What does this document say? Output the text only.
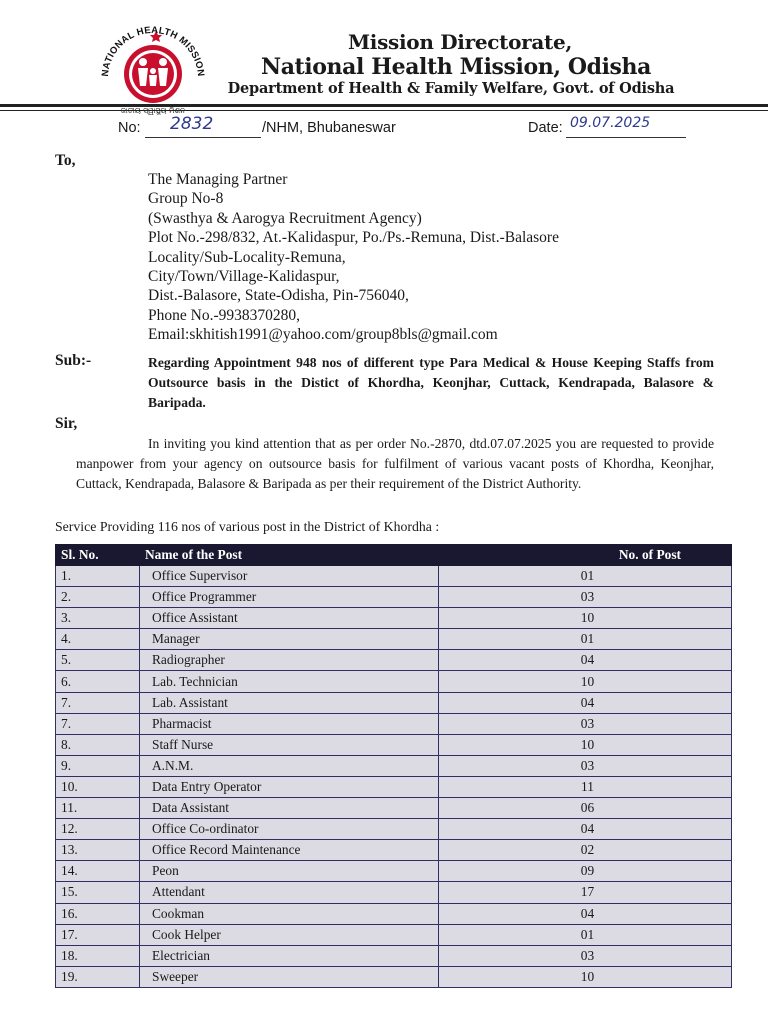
NATIONAL HEALTH MISSION
Mission Directorate,
National Health Mission, Odisha
Department of Health & Family Welfare, Govt. of Odisha
No: 2832	/NHM, Bhubaneswar	Date: 09.07.2025
To,
The Managing Partner
Group No-8
(Swasthya & Aarogya Recruitment Agency)
Plot No.-298/832, At.-Kalidaspur, Po./Ps.-Remuna, Dist.-Balasore
Locality/Sub-Locality-Remuna,
City/Town/Village-Kalidaspur,
Dist.-Balasore, State-Odisha, Pin-756040,
Phone No.-9938370280,
Email:skhitish1991@yahoo.com/group8bls@gmail.com
Sub:-	Regarding Appointment 948 nos of different type Para Medical & House Keeping Staffs from Outsource basis in the Distict of Khordha, Keonjhar, Cuttack, Kendrapada, Balasore & Baripada.
Sir,
In inviting you kind attention that as per order No.-2870, dtd.07.07.2025 you are requested to provide manpower from your agency on outsource basis for fulfilment of various vacant posts of Khordha, Keonjhar, Cuttack, Kendrapada, Balasore & Baripada as per their requirement of the District Authority.
Service Providing 116 nos of various post in the District of Khordha :
Sl. No.	Name of the Post	No. of Post
1.	Office Supervisor	01
2.	Office Programmer	03
3.	Office Assistant	10
4.	Manager	01
5.	Radiographer	04
6.	Lab. Technician	10
7.	Lab. Assistant	04
7.	Pharmacist	03
8.	Staff Nurse	10
9.	A.N.M.	03
10.	Data Entry Operator	11
11.	Data Assistant	06
12.	Office Co-ordinator	04
13.	Office Record Maintenance	02
14.	Peon	09
15.	Attendant	17
16.	Cookman	04
17.	Cook Helper	01
18.	Electrician	03
19.	Sweeper	10
